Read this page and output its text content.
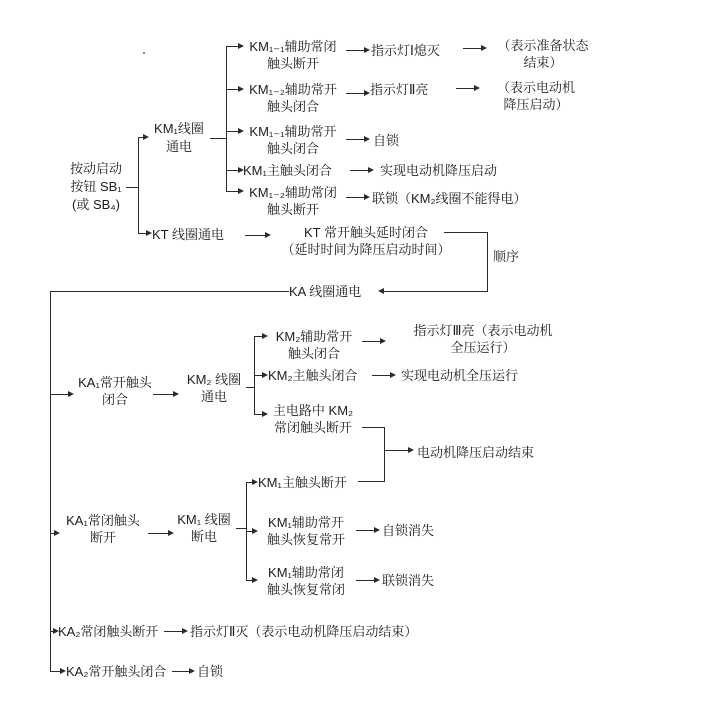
按动启动
按钮 SB₁
(或 SB₄)
KM₁线圈
通电
KM₁₋₁辅助常闭
触头断开
指示灯Ⅰ熄灭	（表示准备状态
结束）
KM₁₋₂辅助常开
触头闭合
指示灯Ⅱ亮	（表示电动机
降压启动）
KM₁₋₁辅助常开
触头闭合
自锁
KM₁主触头闭合	实现电动机降压启动
KM₁₋₂辅助常闭
触头断开
联锁（KM₂线圈不能得电）
KT 线圈通电	KT 常开触头延时闭合
（延时时间为降压启动时间）	顺序
KA 线圈通电
KA₁常开触头
闭合
KM₂ 线圈
通电
KM₂辅助常开
触头闭合
指示灯Ⅲ亮（表示电动机
全压运行）
KM₂主触头闭合	实现电动机全压运行
主电路中 KM₂
常闭触头断开
电动机降压启动结束
KA₁常闭触头
断开
KM₁ 线圈
断电
KM₁主触头断开
KM₁辅助常开
触头恢复常开
自锁消失
KM₁辅助常闭
触头恢复常闭
联锁消失
KA₂常闭触头断开 指示灯Ⅱ灭（表示电动机降压启动结束）
KA₂常开触头闭合 自锁
